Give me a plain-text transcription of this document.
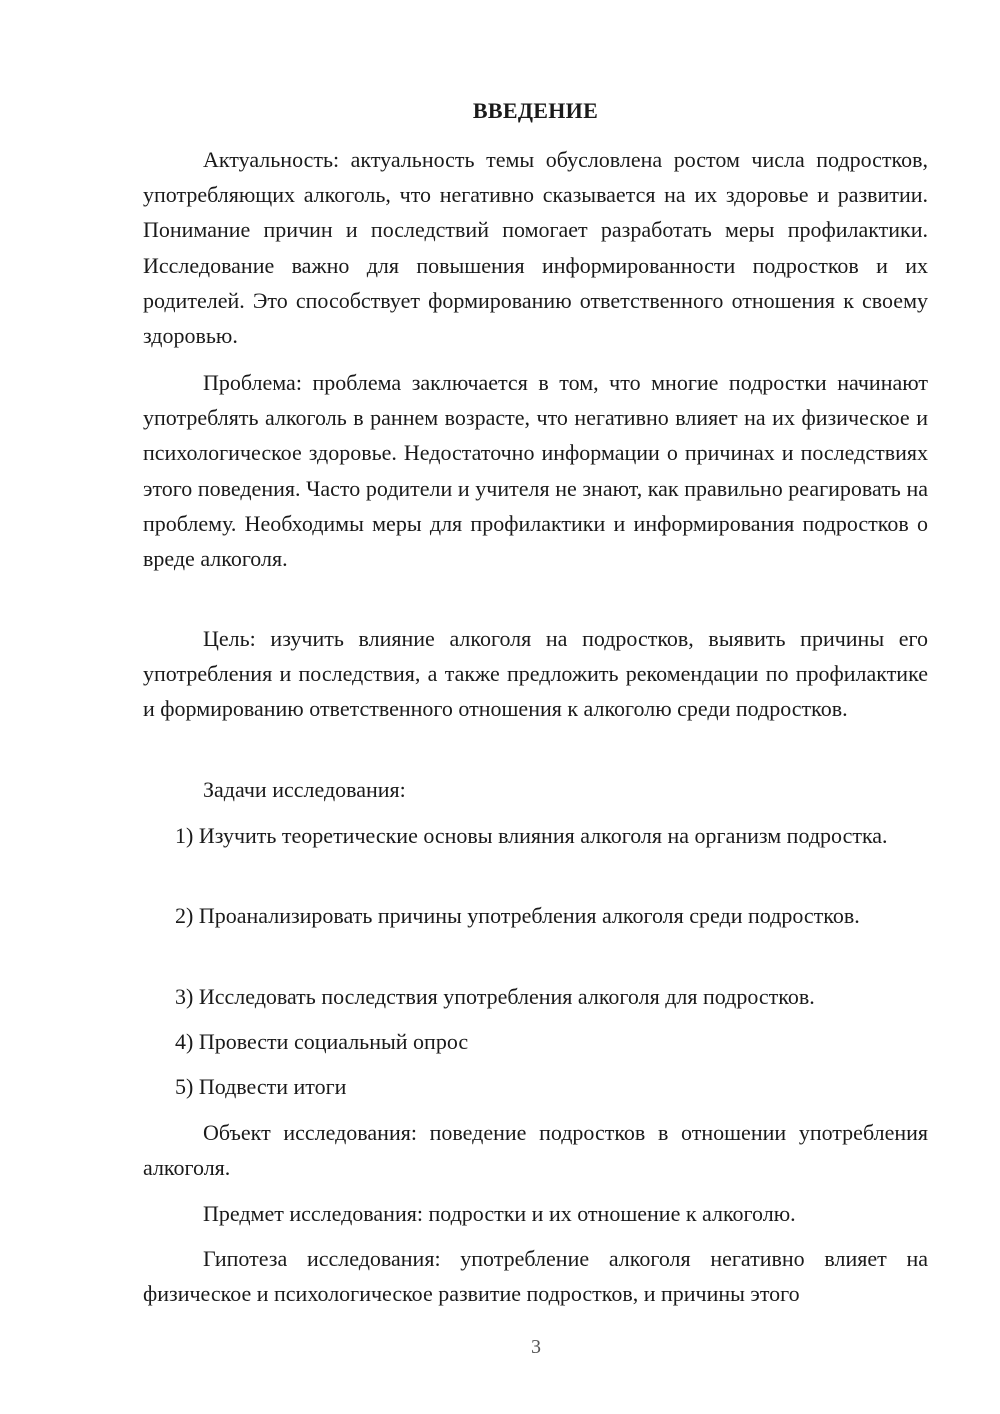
ВВЕДЕНИЕ

Актуальность: актуальность темы обусловлена ростом числа подростков, употребляющих алкоголь, что негативно сказывается на их здоровье и развитии. Понимание причин и последствий помогает разработать меры профилактики. Исследование важно для повышения информированности подростков и их родителей. Это способствует формированию ответственного отношения к своему здоровью.

Проблема: проблема заключается в том, что многие подростки начинают употреблять алкоголь в раннем возрасте, что негативно влияет на их физическое и психологическое здоровье. Недостаточно информации о причинах и последствиях этого поведения. Часто родители и учителя не знают, как правильно реагировать на проблему. Необходимы меры для профилактики и информирования подростков о вреде алкоголя.

Цель: изучить влияние алкоголя на подростков, выявить причины его употребления и последствия, а также предложить рекомендации по профилактике и формированию ответственного отношения к алкоголю среди подростков.

Задачи исследования:

1) Изучить теоретические основы влияния алкоголя на организм подростка.

2) Проанализировать причины употребления алкоголя среди подростков.

3) Исследовать последствия употребления алкоголя для подростков.

4) Провести социальный опрос

5) Подвести итоги

Объект исследования: поведение подростков в отношении употребления алкоголя.

Предмет исследования: подростки и их отношение к алкоголю.

Гипотеза исследования: употребление алкоголя негативно влияет на физическое и психологическое развитие подростков, и причины этого

3
